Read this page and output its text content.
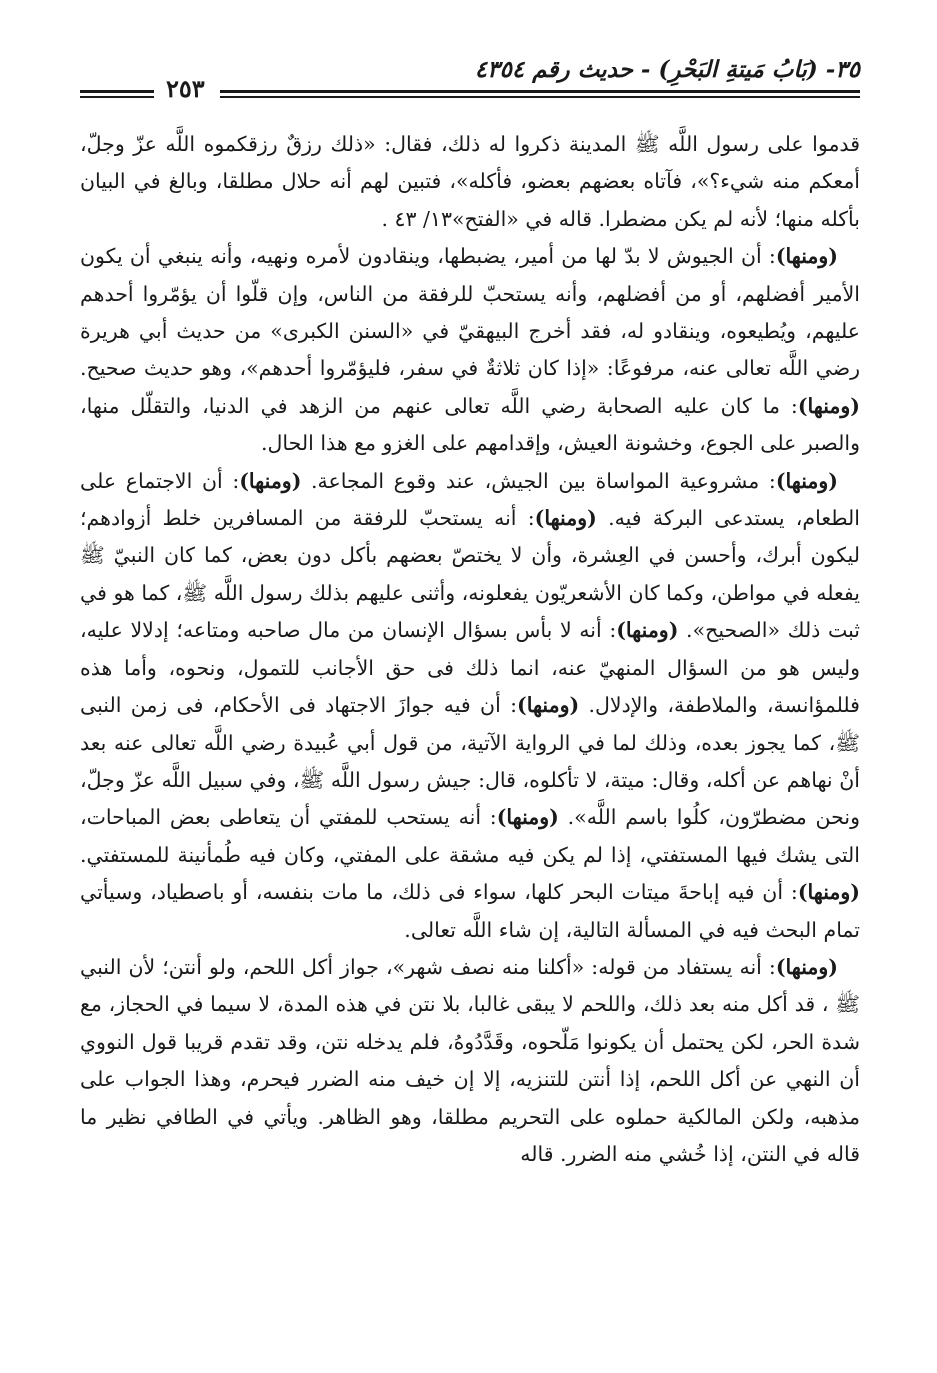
٣٥- (بَابُ مَيتةِ البَحْرِ) - حديث رقم ٤٣٥٤
٢٥٣

قدموا على رسول اللَّه ﷺ المدينة ذكروا له ذلك، فقال: «ذلك رزقٌ رزقكموه اللَّه عزّ وجلّ، أمعكم منه شيء؟»، فآتاه بعضهم بعضو، فأكله»، فتبين لهم أنه حلال مطلقا، وبالغ في البيان بأكله منها؛ لأنه لم يكن مضطرا. قاله في «الفتح»١٣/ ٤٣ .

(ومنها): أن الجيوش لا بدّ لها من أمير، يضبطها، وينقادون لأمره ونهيه، وأنه ينبغي أن يكون الأمير أفضلهم، أو من أفضلهم، وأنه يستحبّ للرفقة من الناس، وإن قلّوا أن يؤمّروا أحدهم عليهم، ويُطيعوه، وينقادو له، فقد أخرج البيهقيّ في «السنن الكبرى» من حديث أبي هريرة رضي اللَّه تعالى عنه، مرفوعًا: «إذا كان ثلاثةٌ في سفر، فليؤمّروا أحدهم»، وهو حديث صحيح. (ومنها): ما كان عليه الصحابة رضي اللَّه تعالى عنهم من الزهد في الدنيا، والتقلّل منها، والصبر على الجوع، وخشونة العيش، وإقدامهم على الغزو مع هذا الحال.

(ومنها): مشروعية المواساة بين الجيش، عند وقوع المجاعة. (ومنها): أن الاجتماع على الطعام، يستدعى البركة فيه. (ومنها): أنه يستحبّ للرفقة من المسافرين خلط أزوادهم؛ ليكون أبرك، وأحسن في العِشرة، وأن لا يختصّ بعضهم بأكل دون بعض، كما كان النبيّ ﷺ يفعله في مواطن، وكما كان الأشعريّون يفعلونه، وأثنى عليهم بذلك رسول اللَّه ﷺ، كما هو في ثبت ذلك «الصحيح». (ومنها): أنه لا بأس بسؤال الإنسان من مال صاحبه ومتاعه؛ إدلالا عليه، وليس هو من السؤال المنهيّ عنه، انما ذلك فى حق الأجانب للتمول، ونحوه، وأما هذه فللمؤانسة، والملاطفة، والإدلال. (ومنها): أن فيه جوازَ الاجتهاد فى الأحكام، فى زمن النبى ﷺ، كما يجوز بعده، وذلك لما في الرواية الآتية، من قول أبي عُبيدة رضي اللَّه تعالى عنه بعد أنْ نهاهم عن أكله، وقال: ميتة، لا تأكلوه، قال: جيش رسول اللَّه ﷺ، وفي سبيل اللَّه عزّ وجلّ، ونحن مضطرّون، كلُوا باسم اللَّه». (ومنها): أنه يستحب للمفتي أن يتعاطى بعض المباحات، التى يشك فيها المستفتي، إذا لم يكن فيه مشقة على المفتي، وكان فيه طُمأنينة للمستفتي. (ومنها): أن فيه إباحةَ ميتات البحر كلها، سواء فى ذلك، ما مات بنفسه، أو باصطياد، وسيأتي تمام البحث فيه في المسألة التالية، إن شاء اللَّه تعالى.

(ومنها): أنه يستفاد من قوله: «أكلنا منه نصف شهر»، جواز أكل اللحم، ولو أنتن؛ لأن النبي ﷺ ، قد أكل منه بعد ذلك، واللحم لا يبقى غالبا، بلا نتن في هذه المدة، لا سيما في الحجاز، مع شدة الحر، لكن يحتمل أن يكونوا مَلّحوه، وقَدَّدُوهُ، فلم يدخله نتن، وقد تقدم قريبا قول النووي أن النهي عن أكل اللحم، إذا أنتن للتنزيه، إلا إن خيف منه الضرر فيحرم، وهذا الجواب على مذهبه، ولكن المالكية حملوه على التحريم مطلقا، وهو الظاهر. ويأتي في الطافي نظير ما قاله في النتن، إذا خُشي منه الضرر. قاله
